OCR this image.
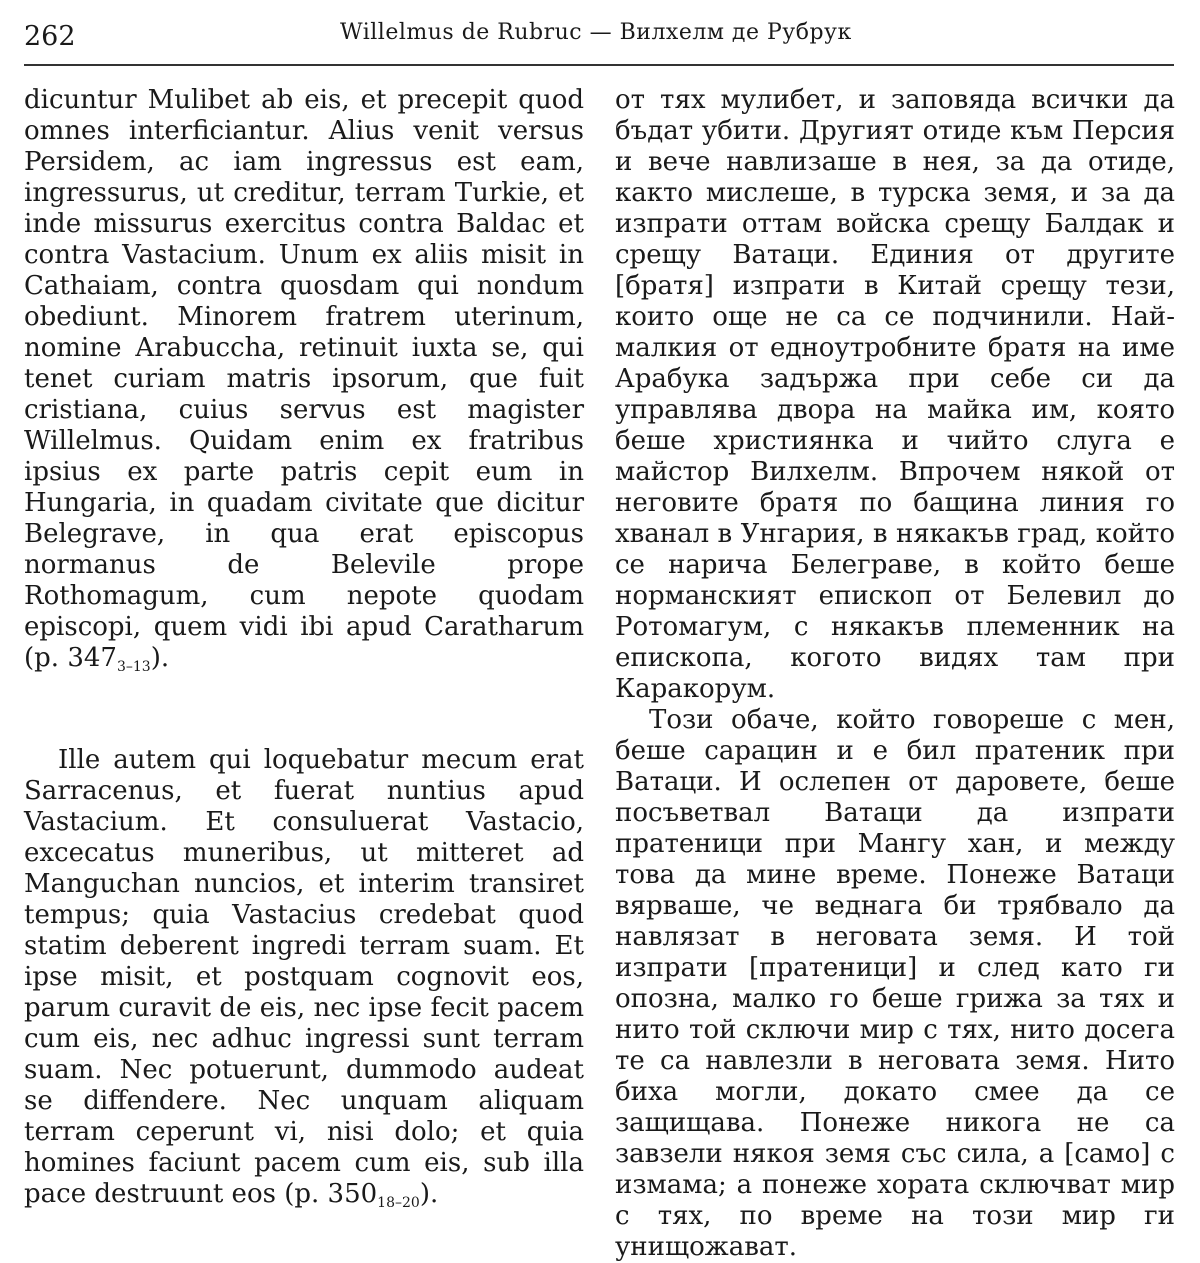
262	Willelmus de Rubruc — Вилхелм де Рубрук

dicuntur Mulibet ab eis, et precepit quod omnes interficiantur. Alius venit versus Persidem, ac iam ingressus est eam, ingressurus, ut creditur, terram Turkie, et inde missurus exercitus contra Baldac et contra Vastacium. Unum ex aliis misit in Cathaiam, contra quosdam qui nondum obediunt. Minorem fratrem uterinum, nomine Arabuccha, retinuit iuxta se, qui tenet curiam matris ipsorum, que fuit cristiana, cuius servus est magister Willelmus. Quidam enim ex fratribus ipsius ex parte patris cepit eum in Hungaria, in quadam civitate que dicitur Belegrave, in qua erat episcopus normanus de Belevile prope Rothomagum, cum nepote quodam episcopi, quem vidi ibi apud Caratharum (p. $347_{3-13}$).

Ille autem qui loquebatur mecum erat Sarracenus, et fuerat nuntius apud Vastacium. Et consuluerat Vastacio, excecatus muneribus, ut mitteret ad Manguchan nuncios, et interim transiret tempus; quia Vastacius credebat quod statim deberent ingredi terram suam. Et ipse misit, et postquam cognovit eos, parum curavit de eis, nec ipse fecit pacem cum eis, nec adhuc ingressi sunt terram suam. Nec potuerunt, dummodo audeat se diffendere. Nec unquam aliquam terram ceperunt vi, nisi dolo; et quia homines faciunt pacem cum eis, sub illa pace destruunt eos (p. $350_{18-20}$).

от тях мулибет, и заповяда всички да бъдат убити. Другият отиде към Персия и вече навлизаше в нея, за да отиде, както мислеше, в турска земя, и за да изпрати оттам войска срещу Балдак и срещу Ватаци. Единия от другите [братя] изпрати в Китай срещу тези, които още не са се подчинили. Най-малкия от едноутробните братя на име Арабука задържа при себе си да управлява двора на майка им, която беше християнка и чийто слуга е майстор Вилхелм. Впрочем някой от неговите братя по бащина линия го хванал в Унгария, в някакъв град, който се нарича Белеграве, в който беше норманският епископ от Белевил до Ротомагум, с някакъв племенник на епископа, когото видях там при Каракорум.

Този обаче, който говореше с мен, беше сарацин и е бил пратеник при Ватаци. И ослепен от даровете, беше посъветвал Ватаци да изпрати пратеници при Мангу хан, и между това да мине време. Понеже Ватаци вярваше, че веднага би трябвало да навлязат в неговата земя. И той изпрати [пратеници] и след като ги опозна, малко го беше грижа за тях и нито той сключи мир с тях, нито досега те са навлезли в неговата земя. Нито биха могли, докато смее да се защищава. Понеже никога не са завзели някоя земя със сила, а [само] с измама; а понеже хората сключват мир с тях, по време на този мир ги унищожават.
